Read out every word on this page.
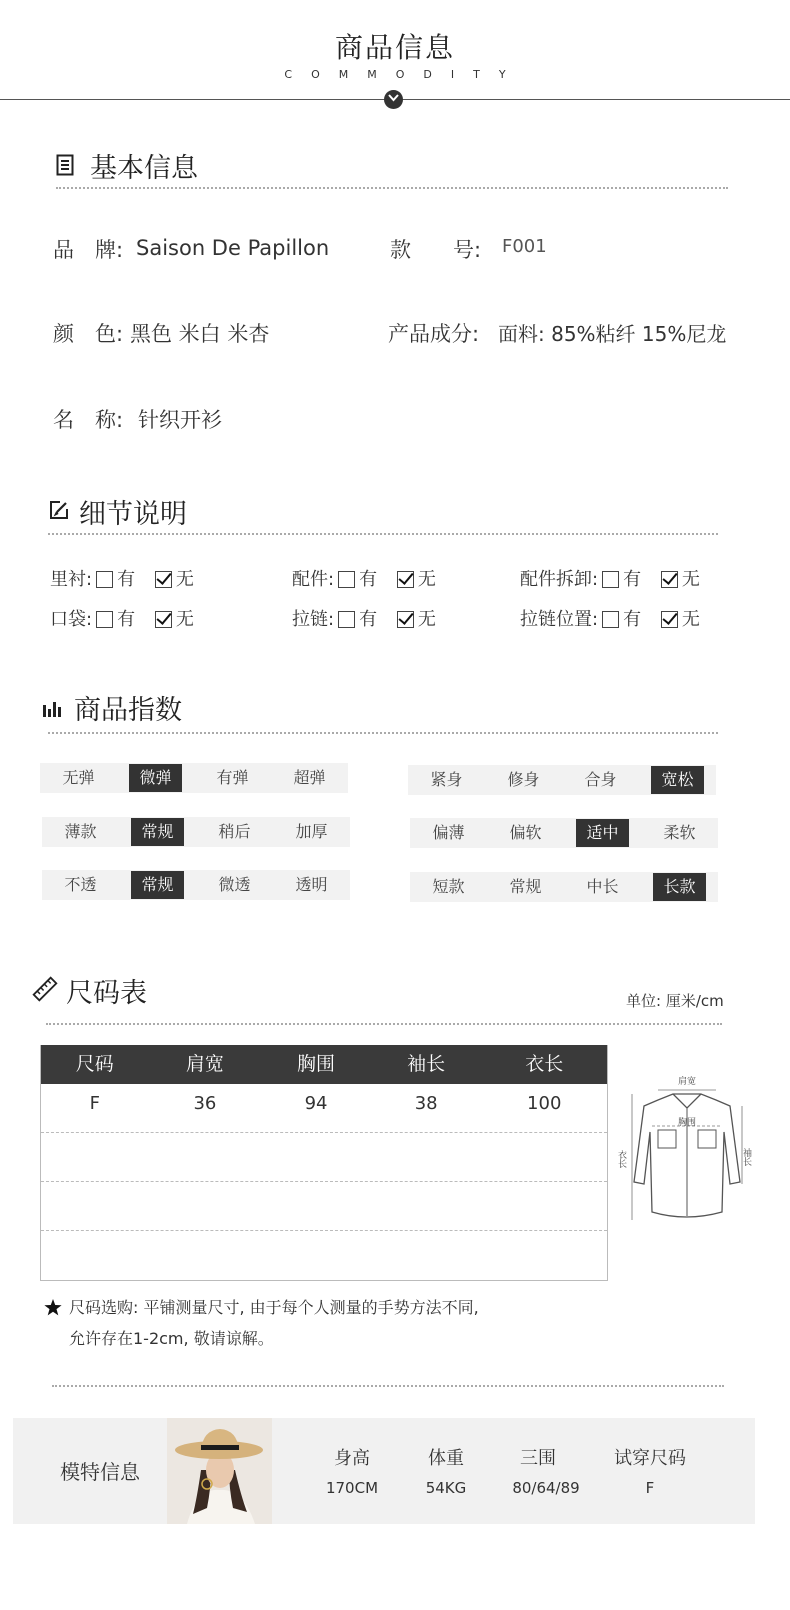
商品信息
COMMODITY
基本信息
品　牌: Saison De Papillon	款　　号: F001
颜　色: 黑色 米白 米杏	产品成分: 面料: 85%粘纤 15%尼龙
名　称: 针织开衫
细节说明
里衬: 有 无	配件: 有 无	配件拆卸: 有 无
口袋: 有 无	拉链: 有 无	拉链位置: 有 无
商品指数
无弹	微弹	有弹	超弹
薄款	常规	稍后	加厚
不透	常规	微透	透明
紧身	修身	合身	宽松
偏薄	偏软	适中	柔软
短款	常规	中长	长款
尺码表	单位: 厘米/cm
尺码	肩宽	胸围	袖长	衣长
F	36	94	38	100
肩宽
胸围
衣长	袖长
尺码选购: 平铺测量尺寸, 由于每个人测量的手势方法不同,
允许存在1-2cm, 敬请谅解。
模特信息
身高	体重	三围	试穿尺码
170CM	54KG	80/64/89	F
